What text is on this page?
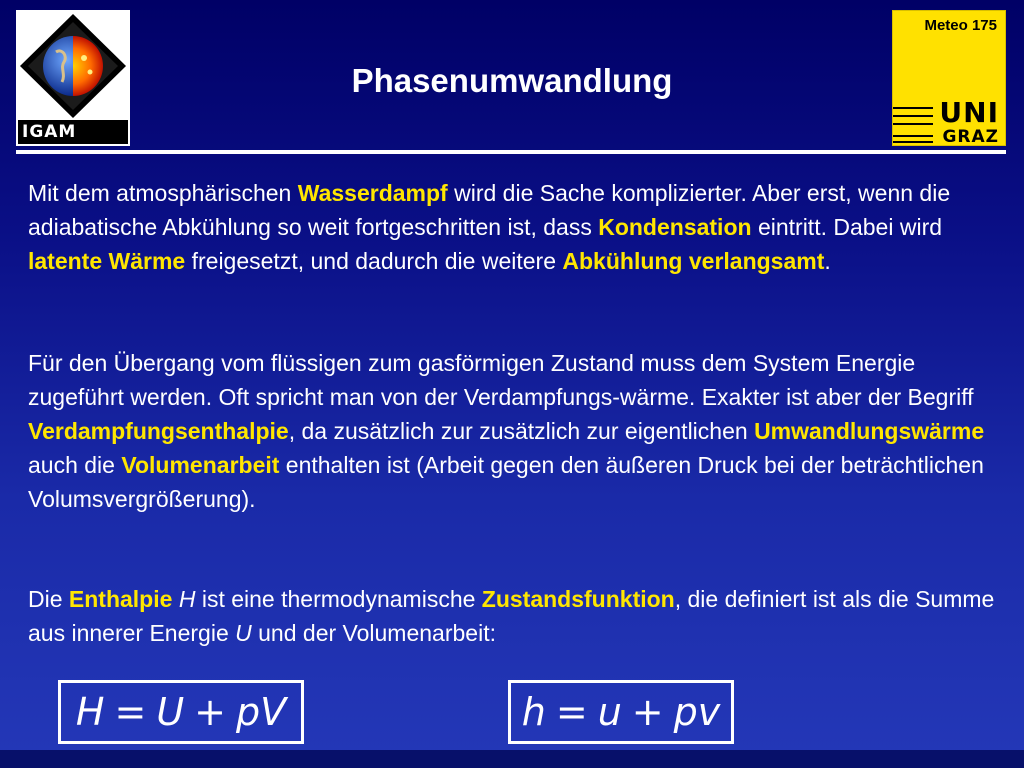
IGAM
Phasenumwandlung
Meteo 175
UNI
GRAZ

Mit dem atmosphärischen Wasserdampf wird die Sache komplizierter. Aber erst, wenn die adiabatische Abkühlung so weit fortgeschritten ist, dass Kondensation eintritt. Dabei wird latente Wärme freigesetzt, und dadurch die weitere Abkühlung verlangsamt.

Für den Übergang vom flüssigen zum gasförmigen Zustand muss dem System Energie zugeführt werden. Oft spricht man von der Verdampfungs-wärme. Exakter ist aber der Begriff Verdampfungsenthalpie, da zusätzlich zur zusätzlich zur eigentlichen Umwandlungswärme auch die Volumenarbeit enthalten ist (Arbeit gegen den äußeren Druck bei der beträchtlichen Volumsvergrößerung).

Die Enthalpie H ist eine thermodynamische Zustandsfunktion, die definiert ist als die Summe aus innerer Energie U und der Volumenarbeit:

H = U + pV	h = u + pv
